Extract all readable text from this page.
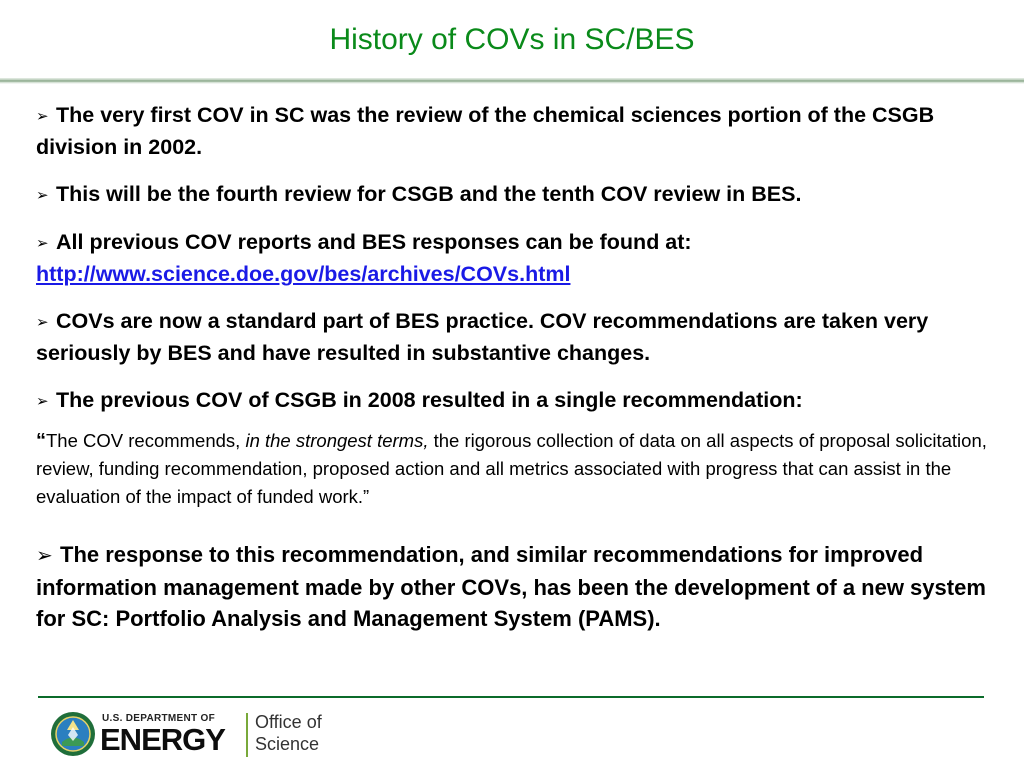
History of COVs in SC/BES

➢ The very first COV in SC was the review of the chemical sciences portion of the CSGB division in 2002.

➢ This will be the fourth review for CSGB and the tenth COV review in BES.

➢ All previous COV reports and BES responses can be found at:
http://www.science.doe.gov/bes/archives/COVs.html

➢ COVs are now a standard part of BES practice. COV recommendations are taken very seriously by BES and have resulted in substantive changes.

➢ The previous COV of CSGB in 2008 resulted in a single recommendation:

“The COV recommends, in the strongest terms, the rigorous collection of data on all aspects of proposal solicitation, review, funding recommendation, proposed action and all metrics associated with progress that can assist in the evaluation of the impact of funded work.”

➢ The response to this recommendation, and similar recommendations for improved information management made by other COVs, has been the development of a new system for SC: Portfolio Analysis and Management System (PAMS).

U.S. DEPARTMENT OF
ENERGY Office of
Science
